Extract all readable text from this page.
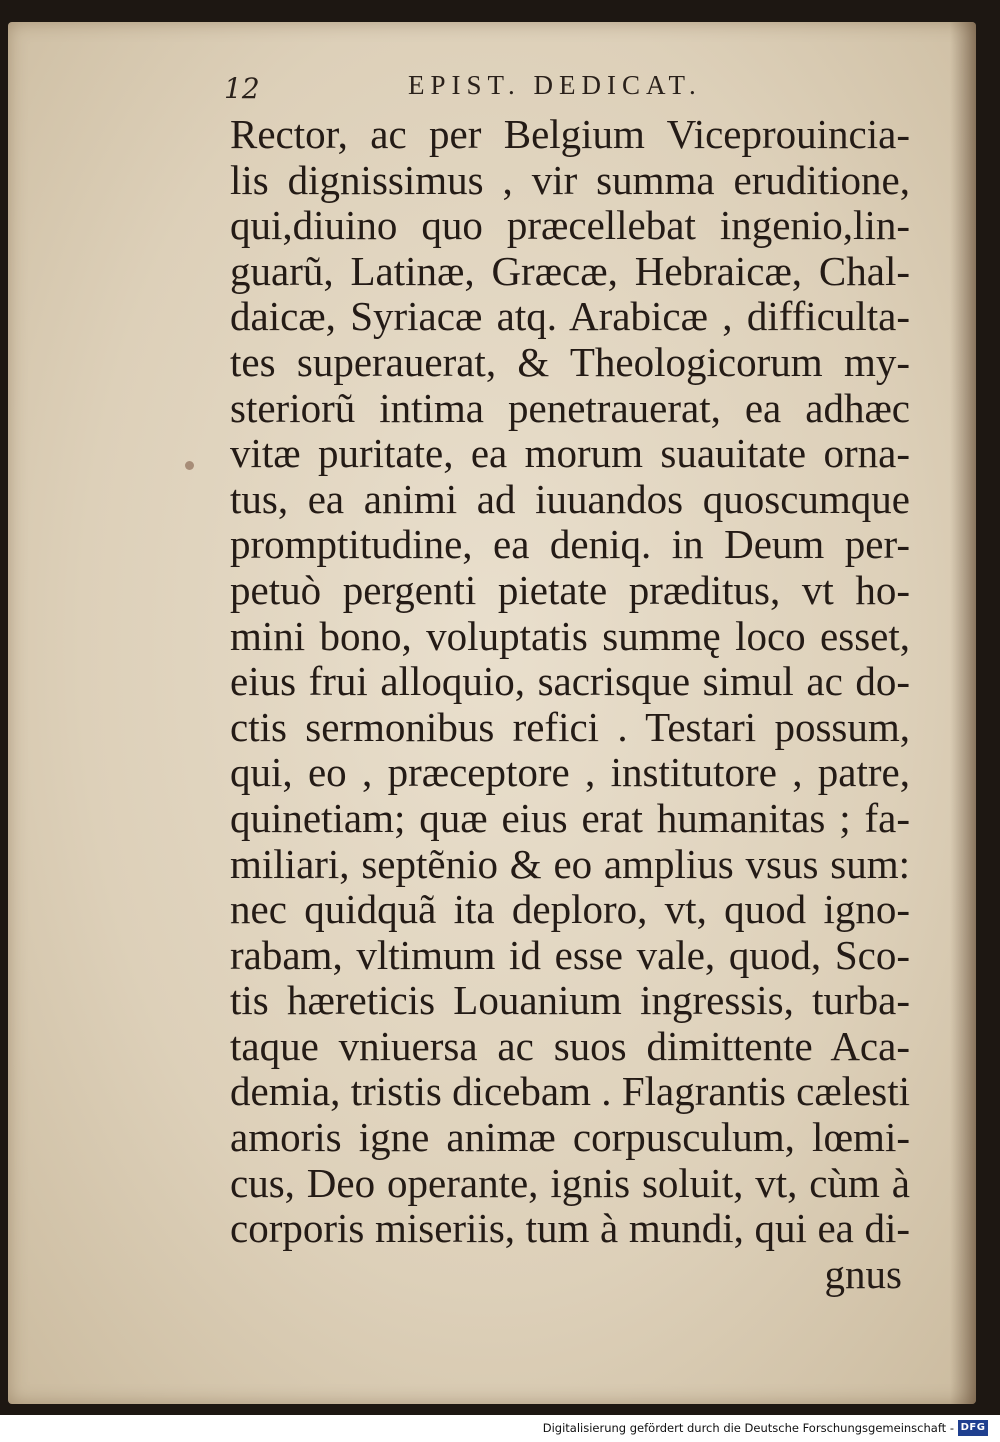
12	EPIST. DEDICAT.
Rector, ac per Belgium Viceprouincia-
lis dignissimus , vir summa eruditione,
qui,diuino quo præcellebat ingenio,lin-
guarũ, Latinæ, Græcæ, Hebraicæ, Chal-
daicæ, Syriacæ atq. Arabicæ , difficulta-
tes superauerat, & Theologicorum my-
steriorũ intima penetrauerat, ea adhæc
vitæ puritate, ea morum suauitate orna-
tus, ea animi ad iuuandos quoscumque
promptitudine, ea deniq. in Deum per-
petuò pergenti pietate præditus, vt ho-
mini bono, voluptatis summę loco esset,
eius frui alloquio, sacrisque simul ac do-
ctis sermonibus refici . Testari possum,
qui, eo , præceptore , institutore , patre,
quinetiam; quæ eius erat humanitas ; fa-
miliari, septẽnio & eo amplius vsus sum:
nec quidquã ita deploro, vt, quod igno-
rabam, vltimum id esse vale, quod, Sco-
tis hæreticis Louanium ingressis, turba-
taque vniuersa ac suos dimittente Aca-
demia, tristis dicebam . Flagrantis cælesti
amoris igne animæ corpusculum, lœmi-
cus, Deo operante, ignis soluit, vt, cùm à
corporis miseriis, tum à mundi, qui ea di-
gnus
Digitalisierung gefördert durch die Deutsche Forschungsgemeinschaft - DFG
